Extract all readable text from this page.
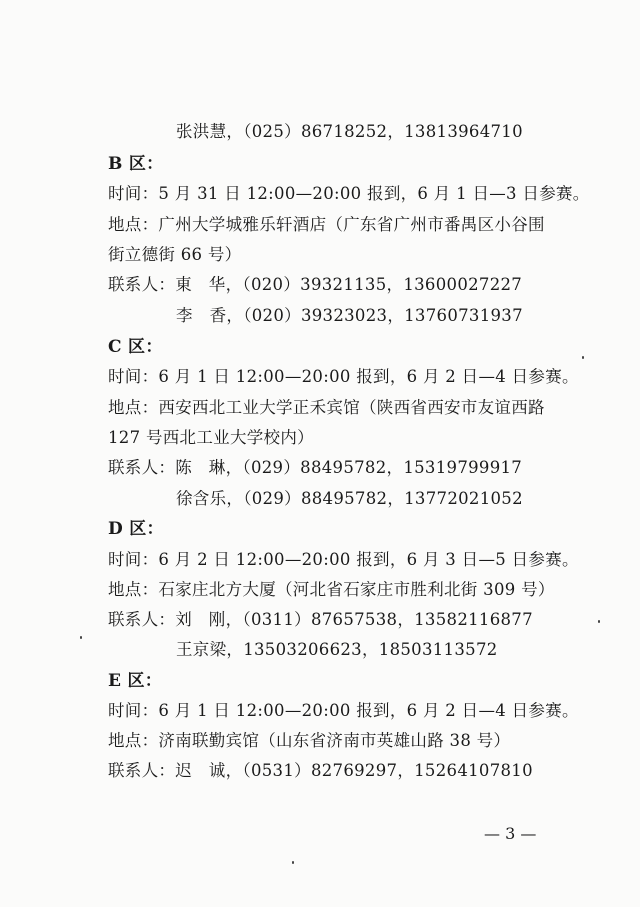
张洪慧，（025）86718252，13813964710
B 区：
时间：5 月 31 日 12:00—20:00 报到，6 月 1 日—3 日参赛。
地点：广州大学城雅乐轩酒店（广东省广州市番禺区小谷围
街立德街 66 号）
联系人：東　华，（020）39321135，13600027227
李　香，（020）39323023，13760731937
C 区：
时间：6 月 1 日 12:00—20:00 报到，6 月 2 日—4 日参赛。
地点：西安西北工业大学正禾宾馆（陕西省西安市友谊西路
127 号西北工业大学校内）
联系人：陈　琳，（029）88495782，15319799917
徐含乐，（029）88495782，13772021052
D 区：
时间：6 月 2 日 12:00—20:00 报到，6 月 3 日—5 日参赛。
地点：石家庄北方大厦（河北省石家庄市胜利北街 309 号）
联系人：刘　刚，（0311）87657538，13582116877
王京梁，13503206623，18503113572
E 区：
时间：6 月 1 日 12:00—20:00 报到，6 月 2 日—4 日参赛。
地点：济南联勤宾馆（山东省济南市英雄山路 38 号）
联系人：迟　诚，（0531）82769297，15264107810
— 3 —
